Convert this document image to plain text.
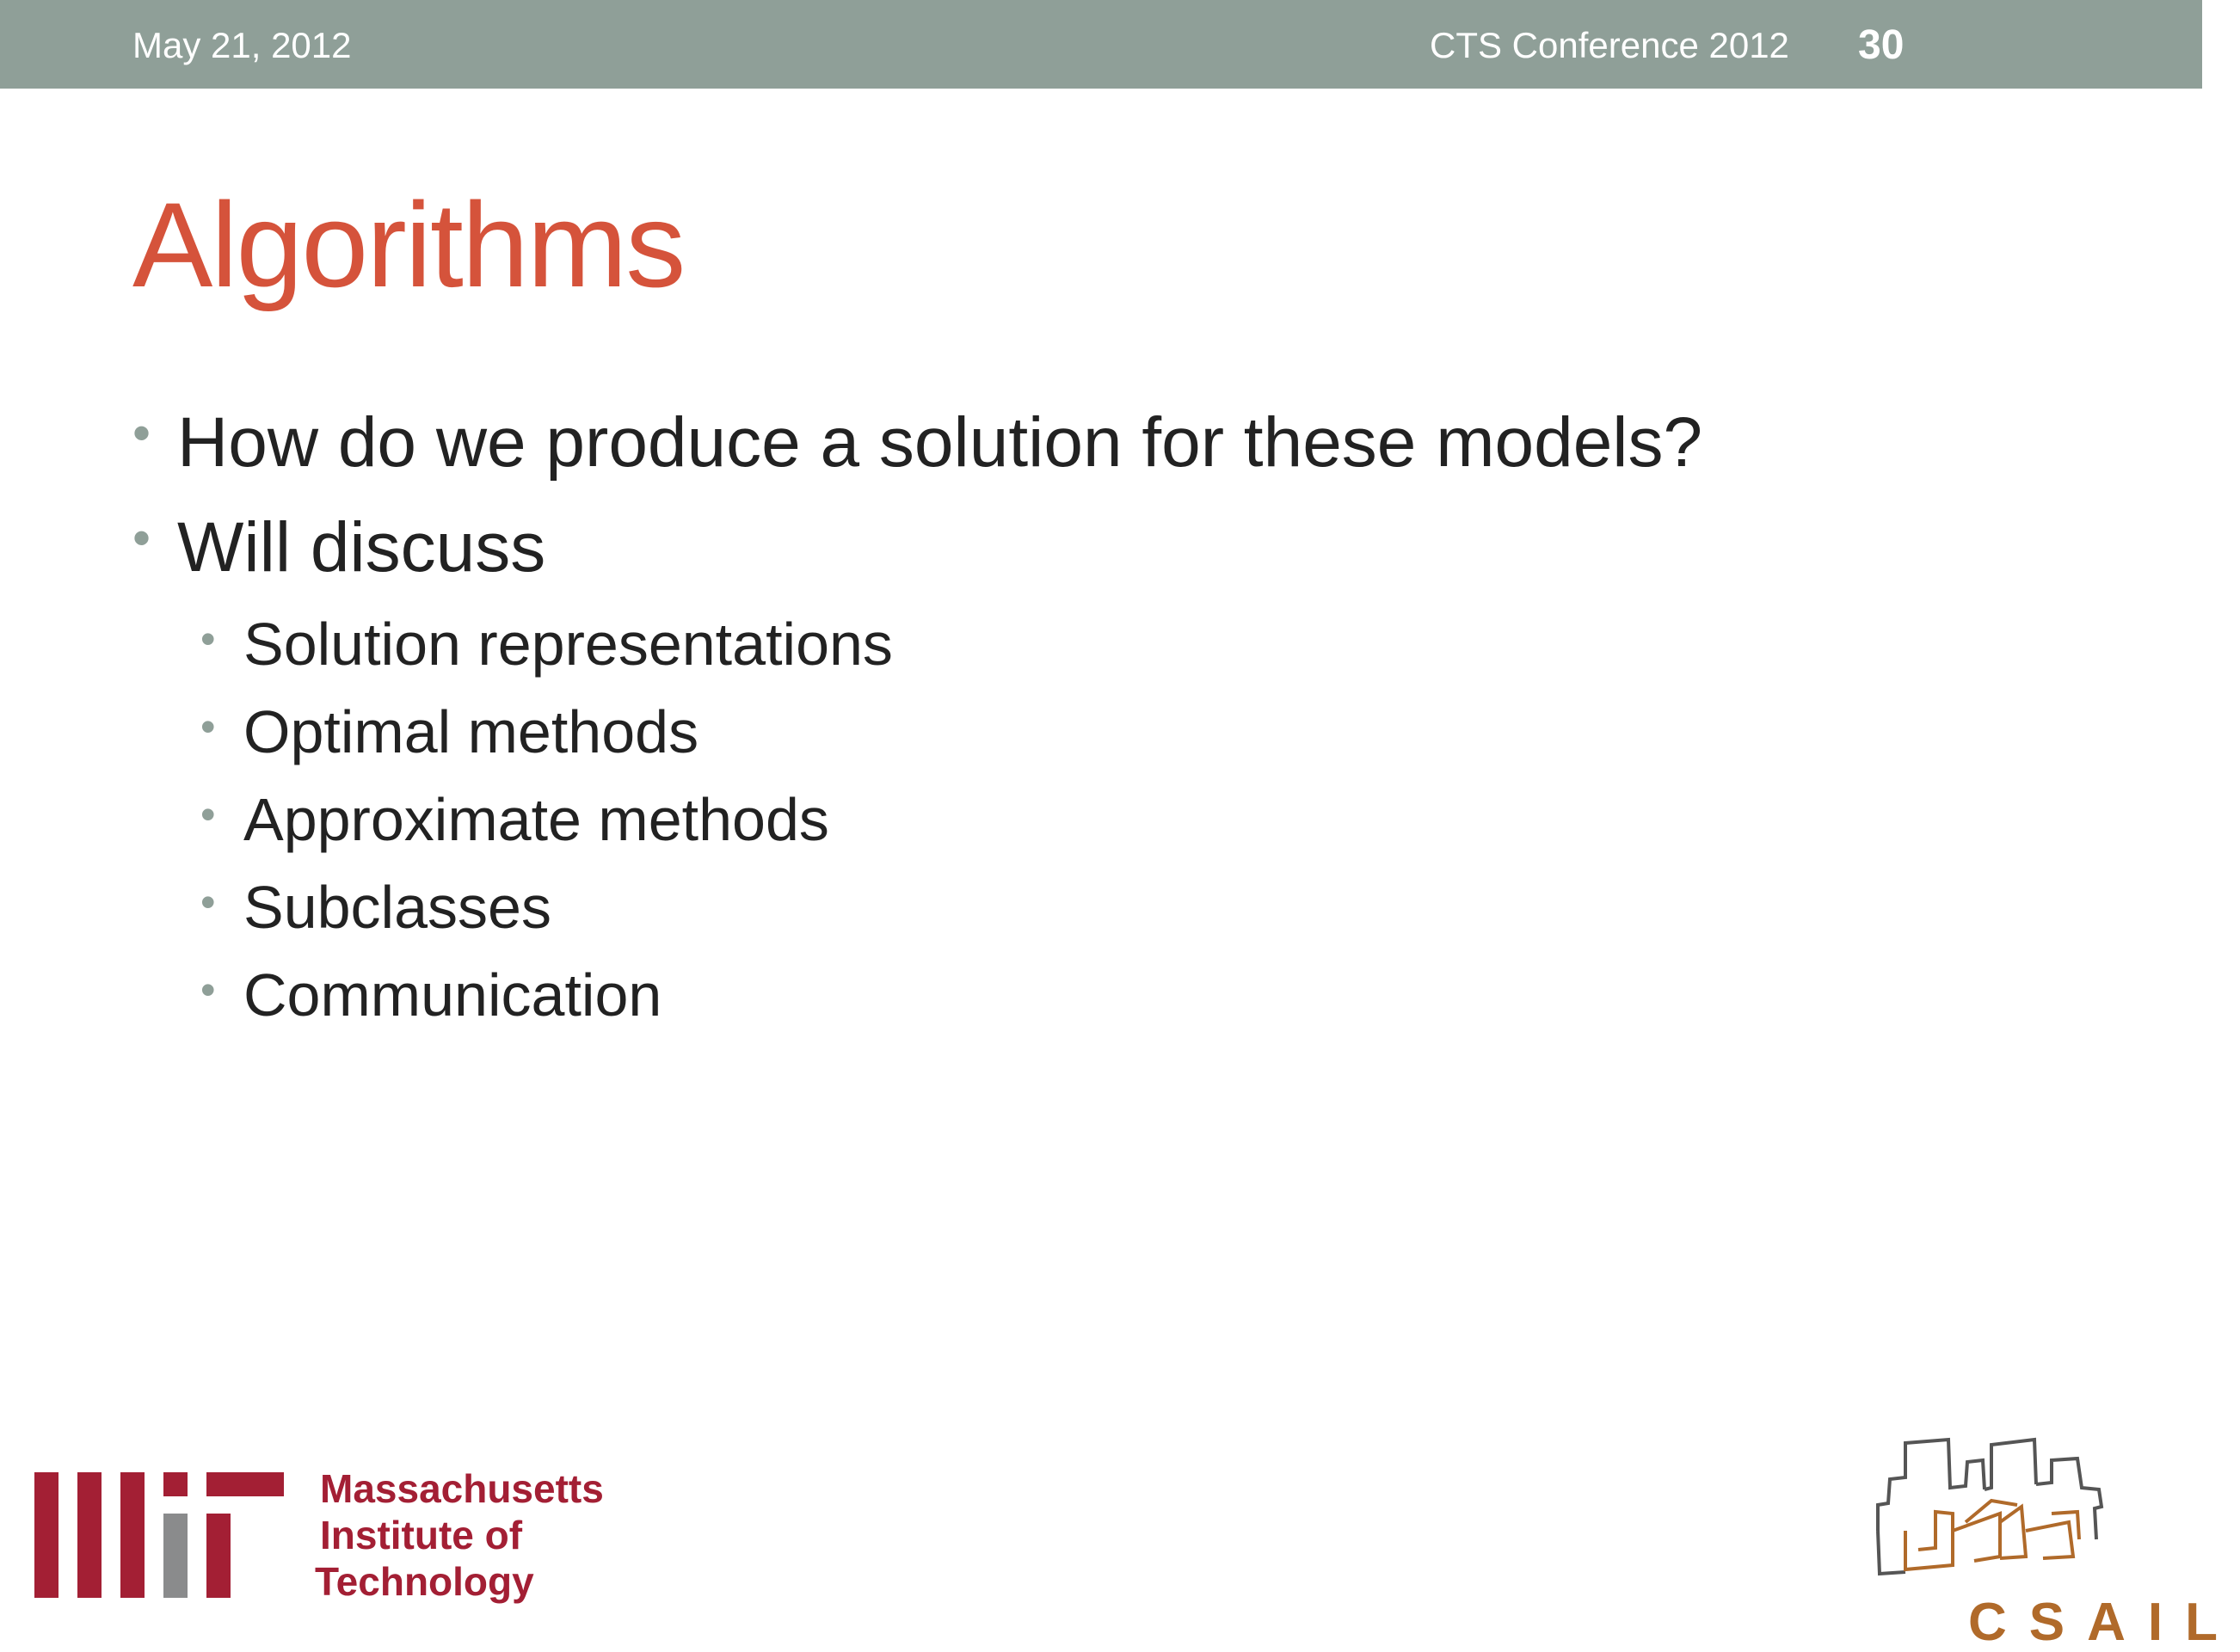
May 21, 2012	CTS Conference 2012 30
Algorithms
• How do we produce a solution for these models?
• Will discuss
• Solution representations
• Optimal methods
• Approximate methods
• Subclasses
• Communication
Massachusetts
Institute of
Technology
CSAIL
